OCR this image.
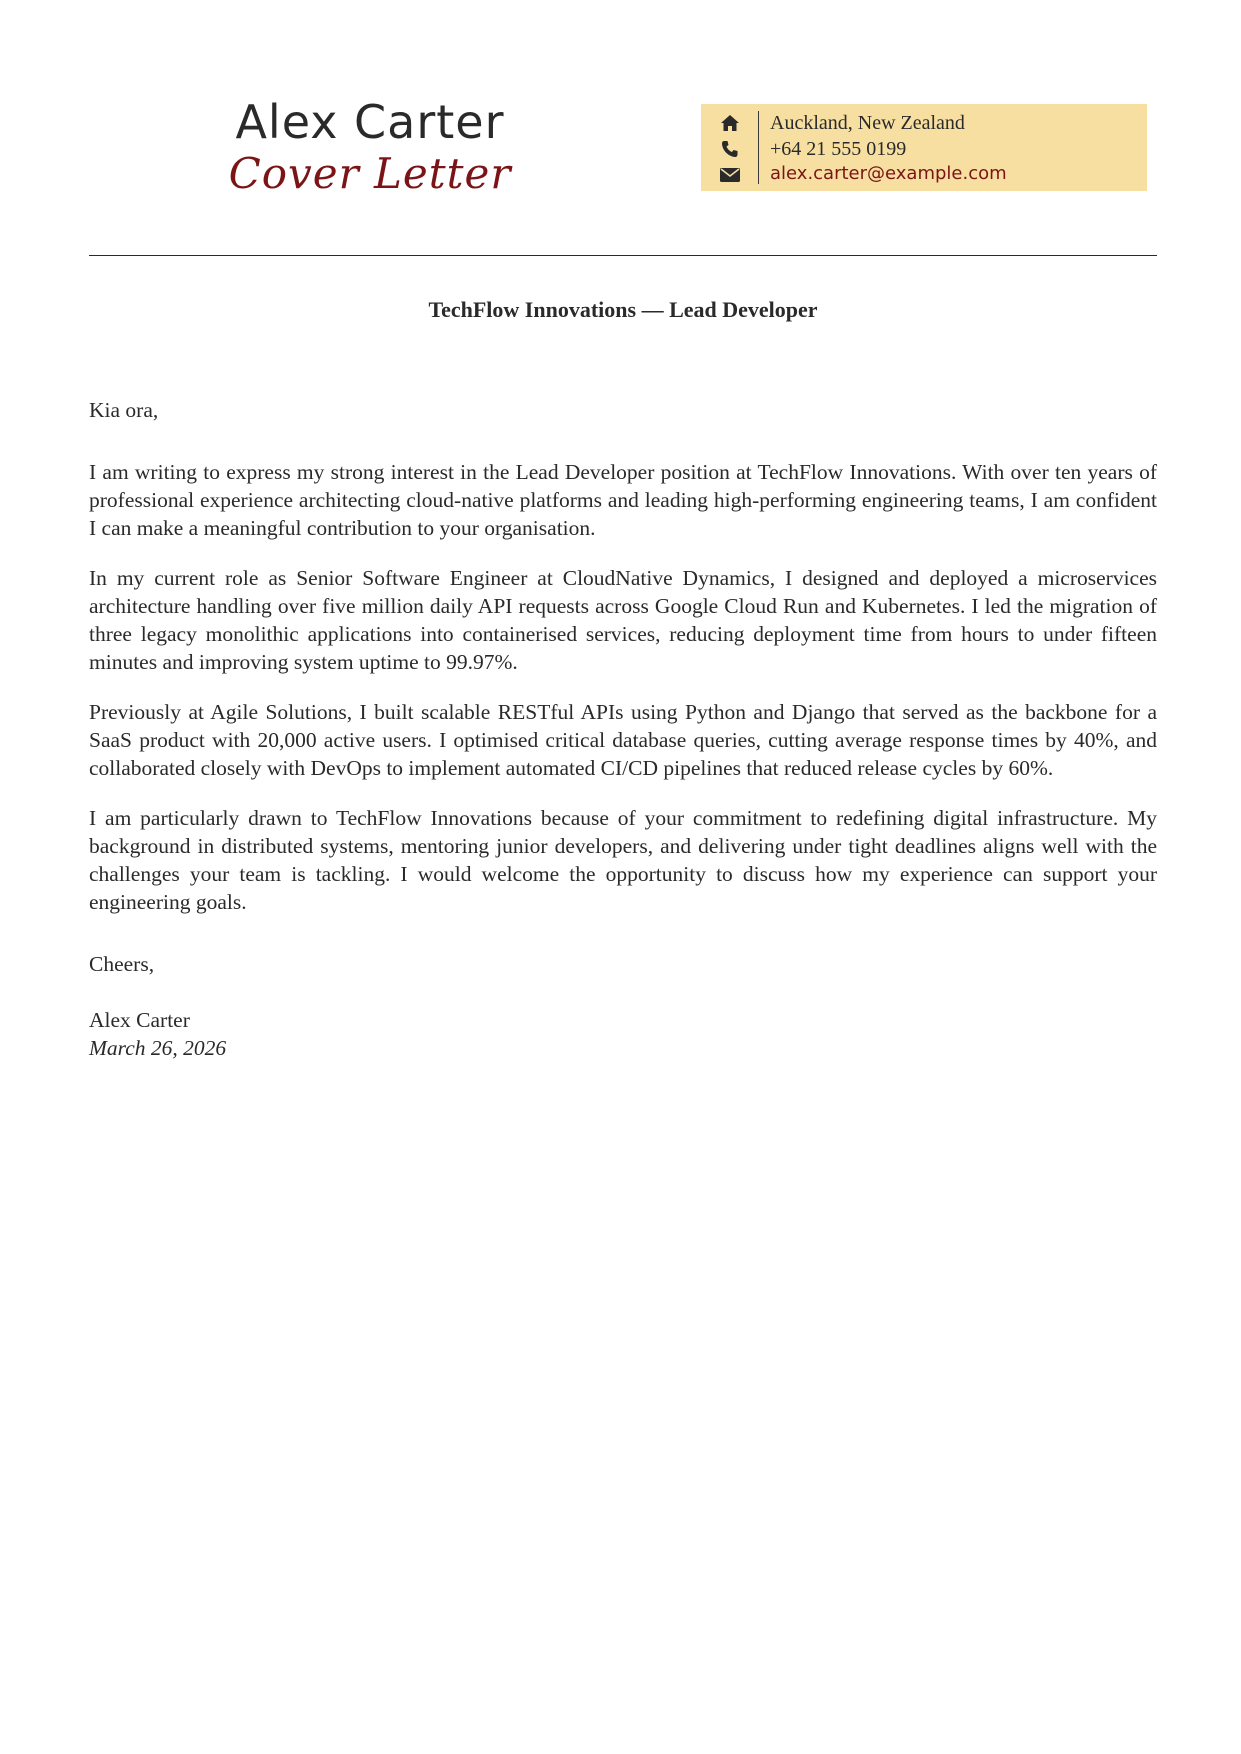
Alex Carter
Cover Letter
Auckland, New Zealand
+64 21 555 0199
alex.carter@example.com
TechFlow Innovations — Lead Developer

Kia ora,

I am writing to express my strong interest in the Lead Developer position at TechFlow Innovations. With over ten years of professional experience architecting cloud-native platforms and leading high-performing engineering teams, I am confident I can make a meaningful contribution to your organisation.

In my current role as Senior Software Engineer at CloudNative Dynamics, I designed and deployed a microservices architecture handling over five million daily API requests across Google Cloud Run and Kubernetes. I led the migration of three legacy monolithic applications into containerised services, reducing deployment time from hours to under fifteen minutes and improving system uptime to 99.97%.

Previously at Agile Solutions, I built scalable RESTful APIs using Python and Django that served as the backbone for a SaaS product with 20,000 active users. I optimised critical database queries, cutting average response times by 40%, and collaborated closely with DevOps to implement automated CI/CD pipelines that reduced release cycles by 60%.

I am particularly drawn to TechFlow Innovations because of your commitment to redefining digital infrastructure. My background in distributed systems, mentoring junior developers, and delivering under tight deadlines aligns well with the challenges your team is tackling. I would welcome the opportunity to discuss how my experience can support your engineering goals.

Cheers,

Alex Carter

March 26, 2026
